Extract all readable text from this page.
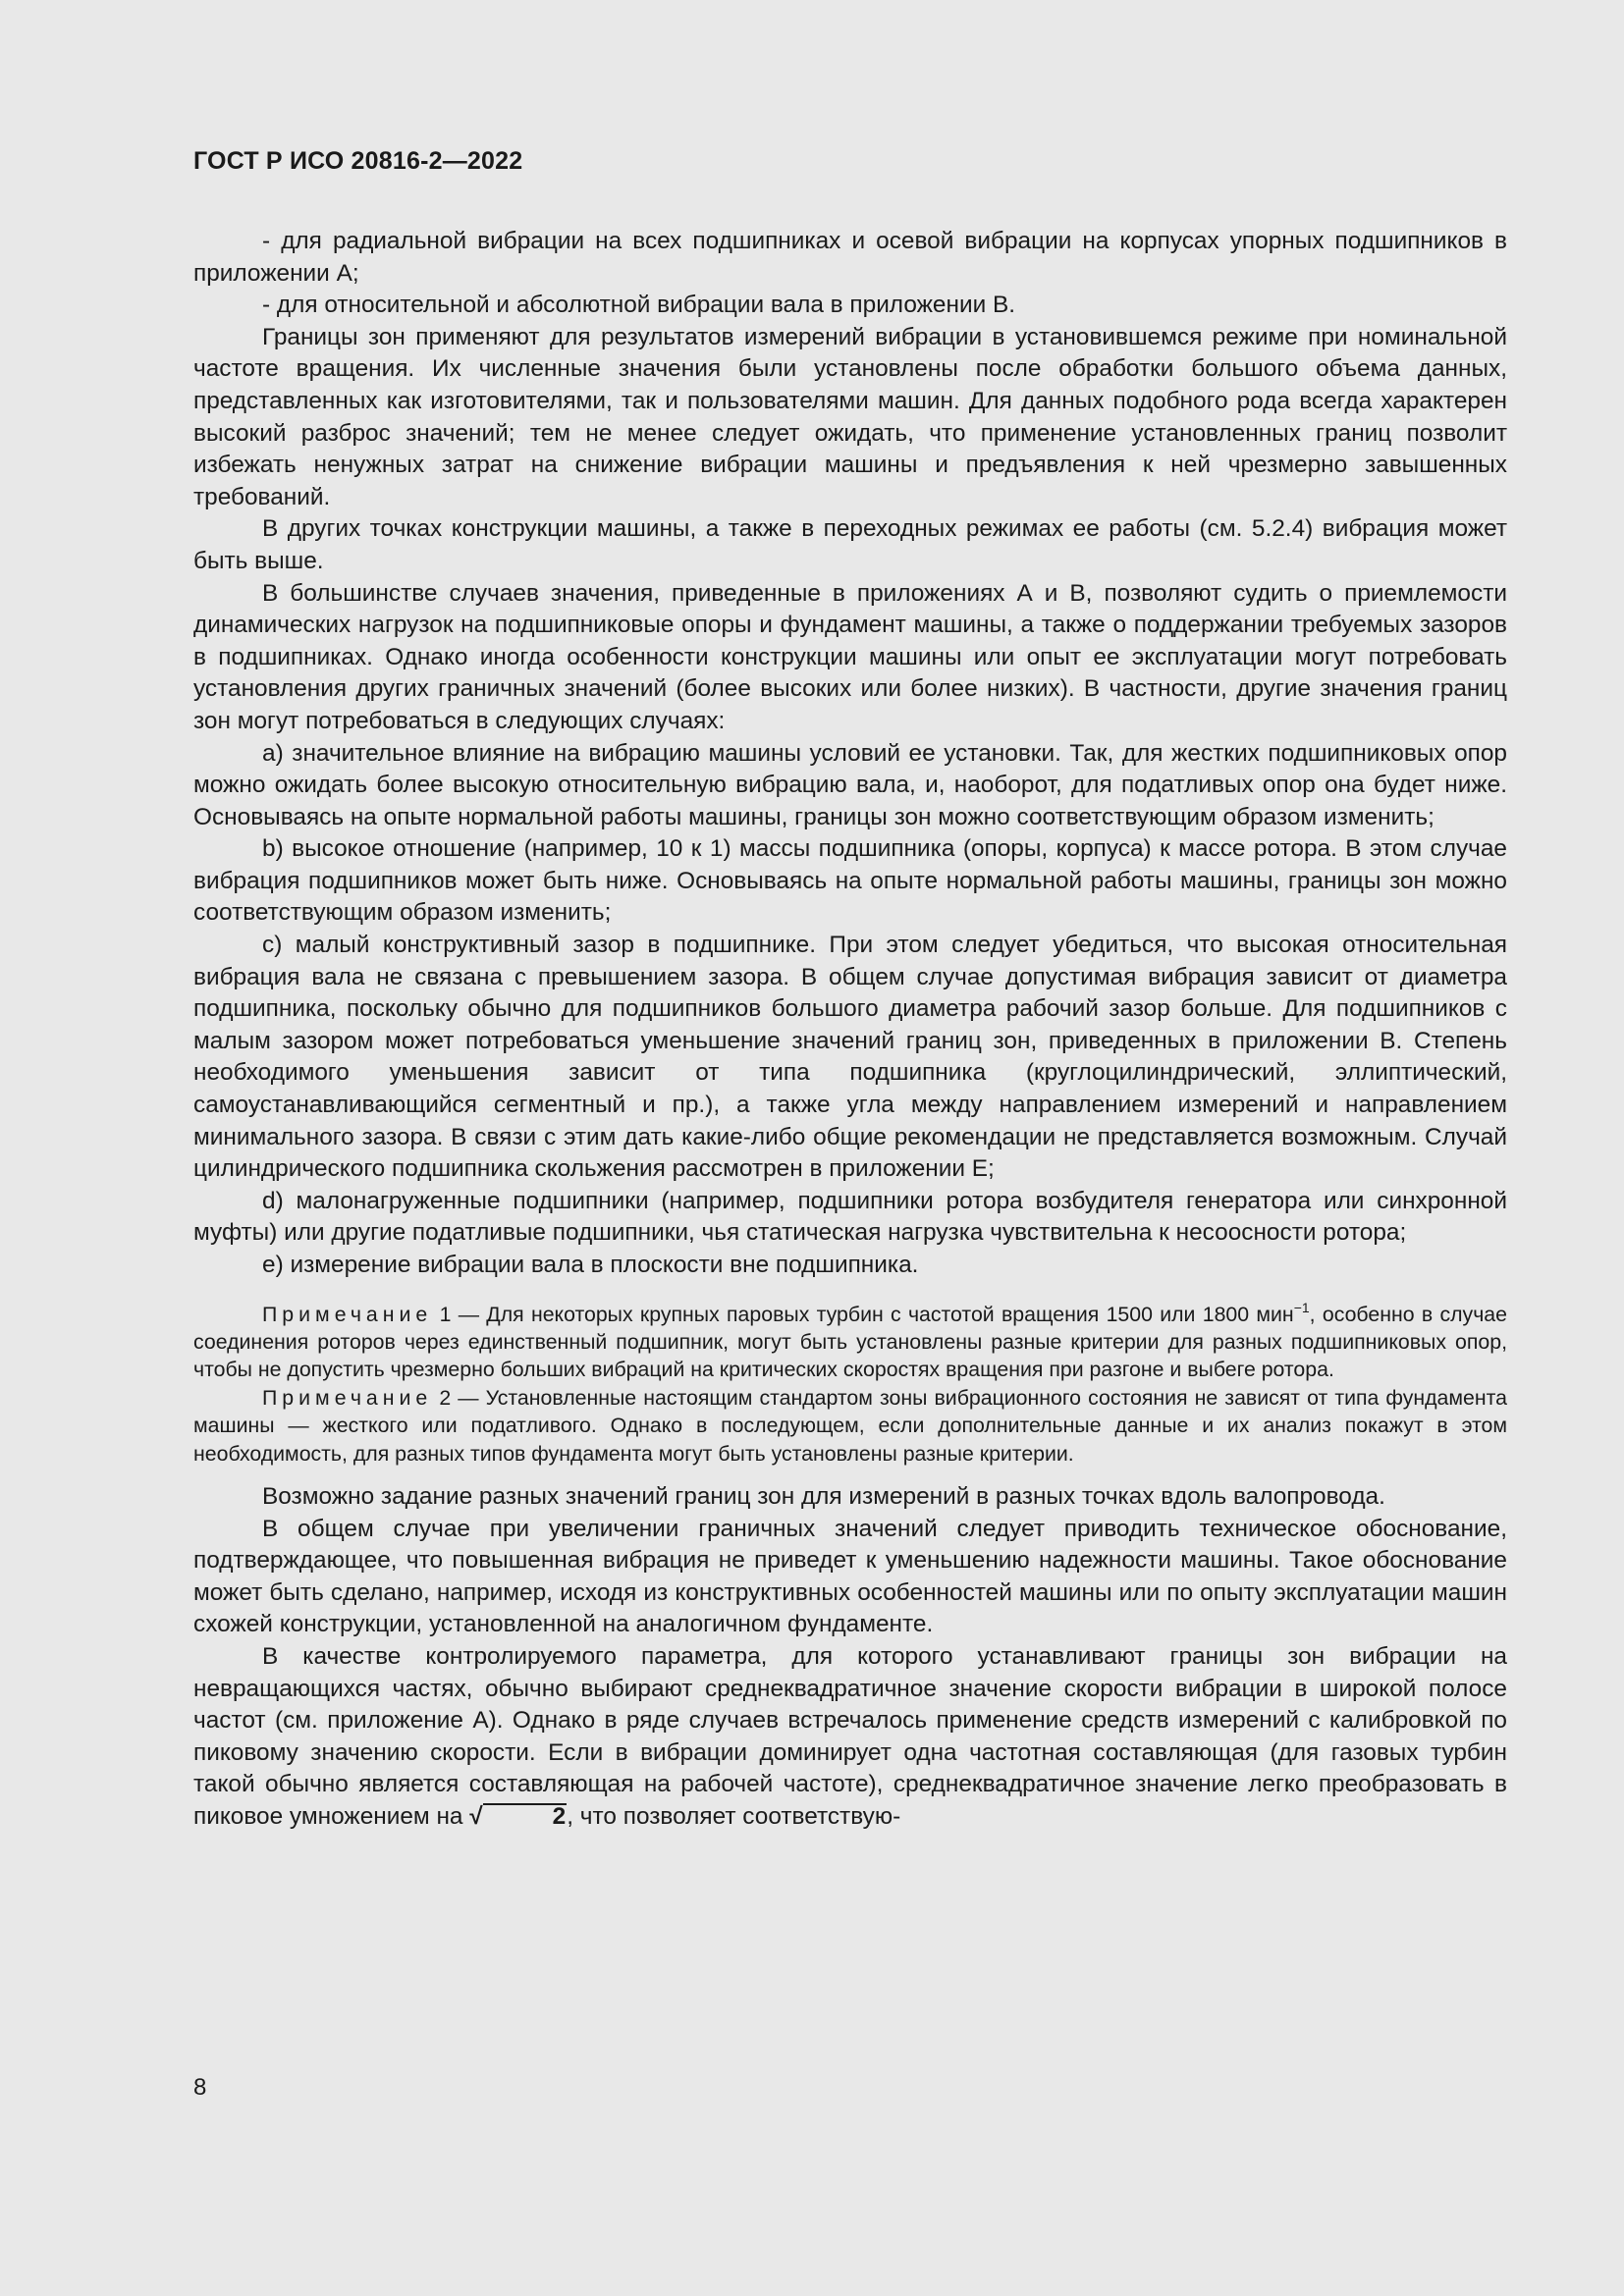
ГОСТ Р ИСО 20816-2—2022

- для радиальной вибрации на всех подшипниках и осевой вибрации на корпусах упорных подшипников в приложении А;

- для относительной и абсолютной вибрации вала в приложении В.

Границы зон применяют для результатов измерений вибрации в установившемся режиме при номинальной частоте вращения. Их численные значения были установлены после обработки большого объема данных, представленных как изготовителями, так и пользователями машин. Для данных подобного рода всегда характерен высокий разброс значений; тем не менее следует ожидать, что применение установленных границ позволит избежать ненужных затрат на снижение вибрации машины и предъявления к ней чрезмерно завышенных требований.

В других точках конструкции машины, а также в переходных режимах ее работы (см. 5.2.4) вибрация может быть выше.

В большинстве случаев значения, приведенные в приложениях А и В, позволяют судить о приемлемости динамических нагрузок на подшипниковые опоры и фундамент машины, а также о поддержании требуемых зазоров в подшипниках. Однако иногда особенности конструкции машины или опыт ее эксплуатации могут потребовать установления других граничных значений (более высоких или более низких). В частности, другие значения границ зон могут потребоваться в следующих случаях:

a) значительное влияние на вибрацию машины условий ее установки. Так, для жестких подшипниковых опор можно ожидать более высокую относительную вибрацию вала, и, наоборот, для податливых опор она будет ниже. Основываясь на опыте нормальной работы машины, границы зон можно соответствующим образом изменить;

b) высокое отношение (например, 10 к 1) массы подшипника (опоры, корпуса) к массе ротора. В этом случае вибрация подшипников может быть ниже. Основываясь на опыте нормальной работы машины, границы зон можно соответствующим образом изменить;

c) малый конструктивный зазор в подшипнике. При этом следует убедиться, что высокая относительная вибрация вала не связана с превышением зазора. В общем случае допустимая вибрация зависит от диаметра подшипника, поскольку обычно для подшипников большого диаметра рабочий зазор больше. Для подшипников с малым зазором может потребоваться уменьшение значений границ зон, приведенных в приложении В. Степень необходимого уменьшения зависит от типа подшипника (круглоцилиндрический, эллиптический, самоустанавливающийся сегментный и пр.), а также угла между направлением измерений и направлением минимального зазора. В связи с этим дать какие-либо общие рекомендации не представляется возможным. Случай цилиндрического подшипника скольжения рассмотрен в приложении Е;

d) малонагруженные подшипники (например, подшипники ротора возбудителя генератора или синхронной муфты) или другие податливые подшипники, чья статическая нагрузка чувствительна к несоосности ротора;

e) измерение вибрации вала в плоскости вне подшипника.

Примечание 1 — Для некоторых крупных паровых турбин с частотой вращения 1500 или 1800 мин$^{-1}$, особенно в случае соединения роторов через единственный подшипник, могут быть установлены разные критерии для разных подшипниковых опор, чтобы не допустить чрезмерно больших вибраций на критических скоростях вращения при разгоне и выбеге ротора.

Примечание 2 — Установленные настоящим стандартом зоны вибрационного состояния не зависят от типа фундамента машины — жесткого или податливого. Однако в последующем, если дополнительные данные и их анализ покажут в этом необходимость, для разных типов фундамента могут быть установлены разные критерии.

Возможно задание разных значений границ зон для измерений в разных точках вдоль валопровода.

В общем случае при увеличении граничных значений следует приводить техническое обоснование, подтверждающее, что повышенная вибрация не приведет к уменьшению надежности машины. Такое обоснование может быть сделано, например, исходя из конструктивных особенностей машины или по опыту эксплуатации машин схожей конструкции, установленной на аналогичном фундаменте.

В качестве контролируемого параметра, для которого устанавливают границы зон вибрации на невращающихся частях, обычно выбирают среднеквадратичное значение скорости вибрации в широкой полосе частот (см. приложение А). Однако в ряде случаев встречалось применение средств измерений с калибровкой по пиковому значению скорости. Если в вибрации доминирует одна частотная составляющая (для газовых турбин такой обычно является составляющая на рабочей частоте), среднеквадратичное значение легко преобразовать в пиковое умножением на √	2, что позволяет соответствую-

8
